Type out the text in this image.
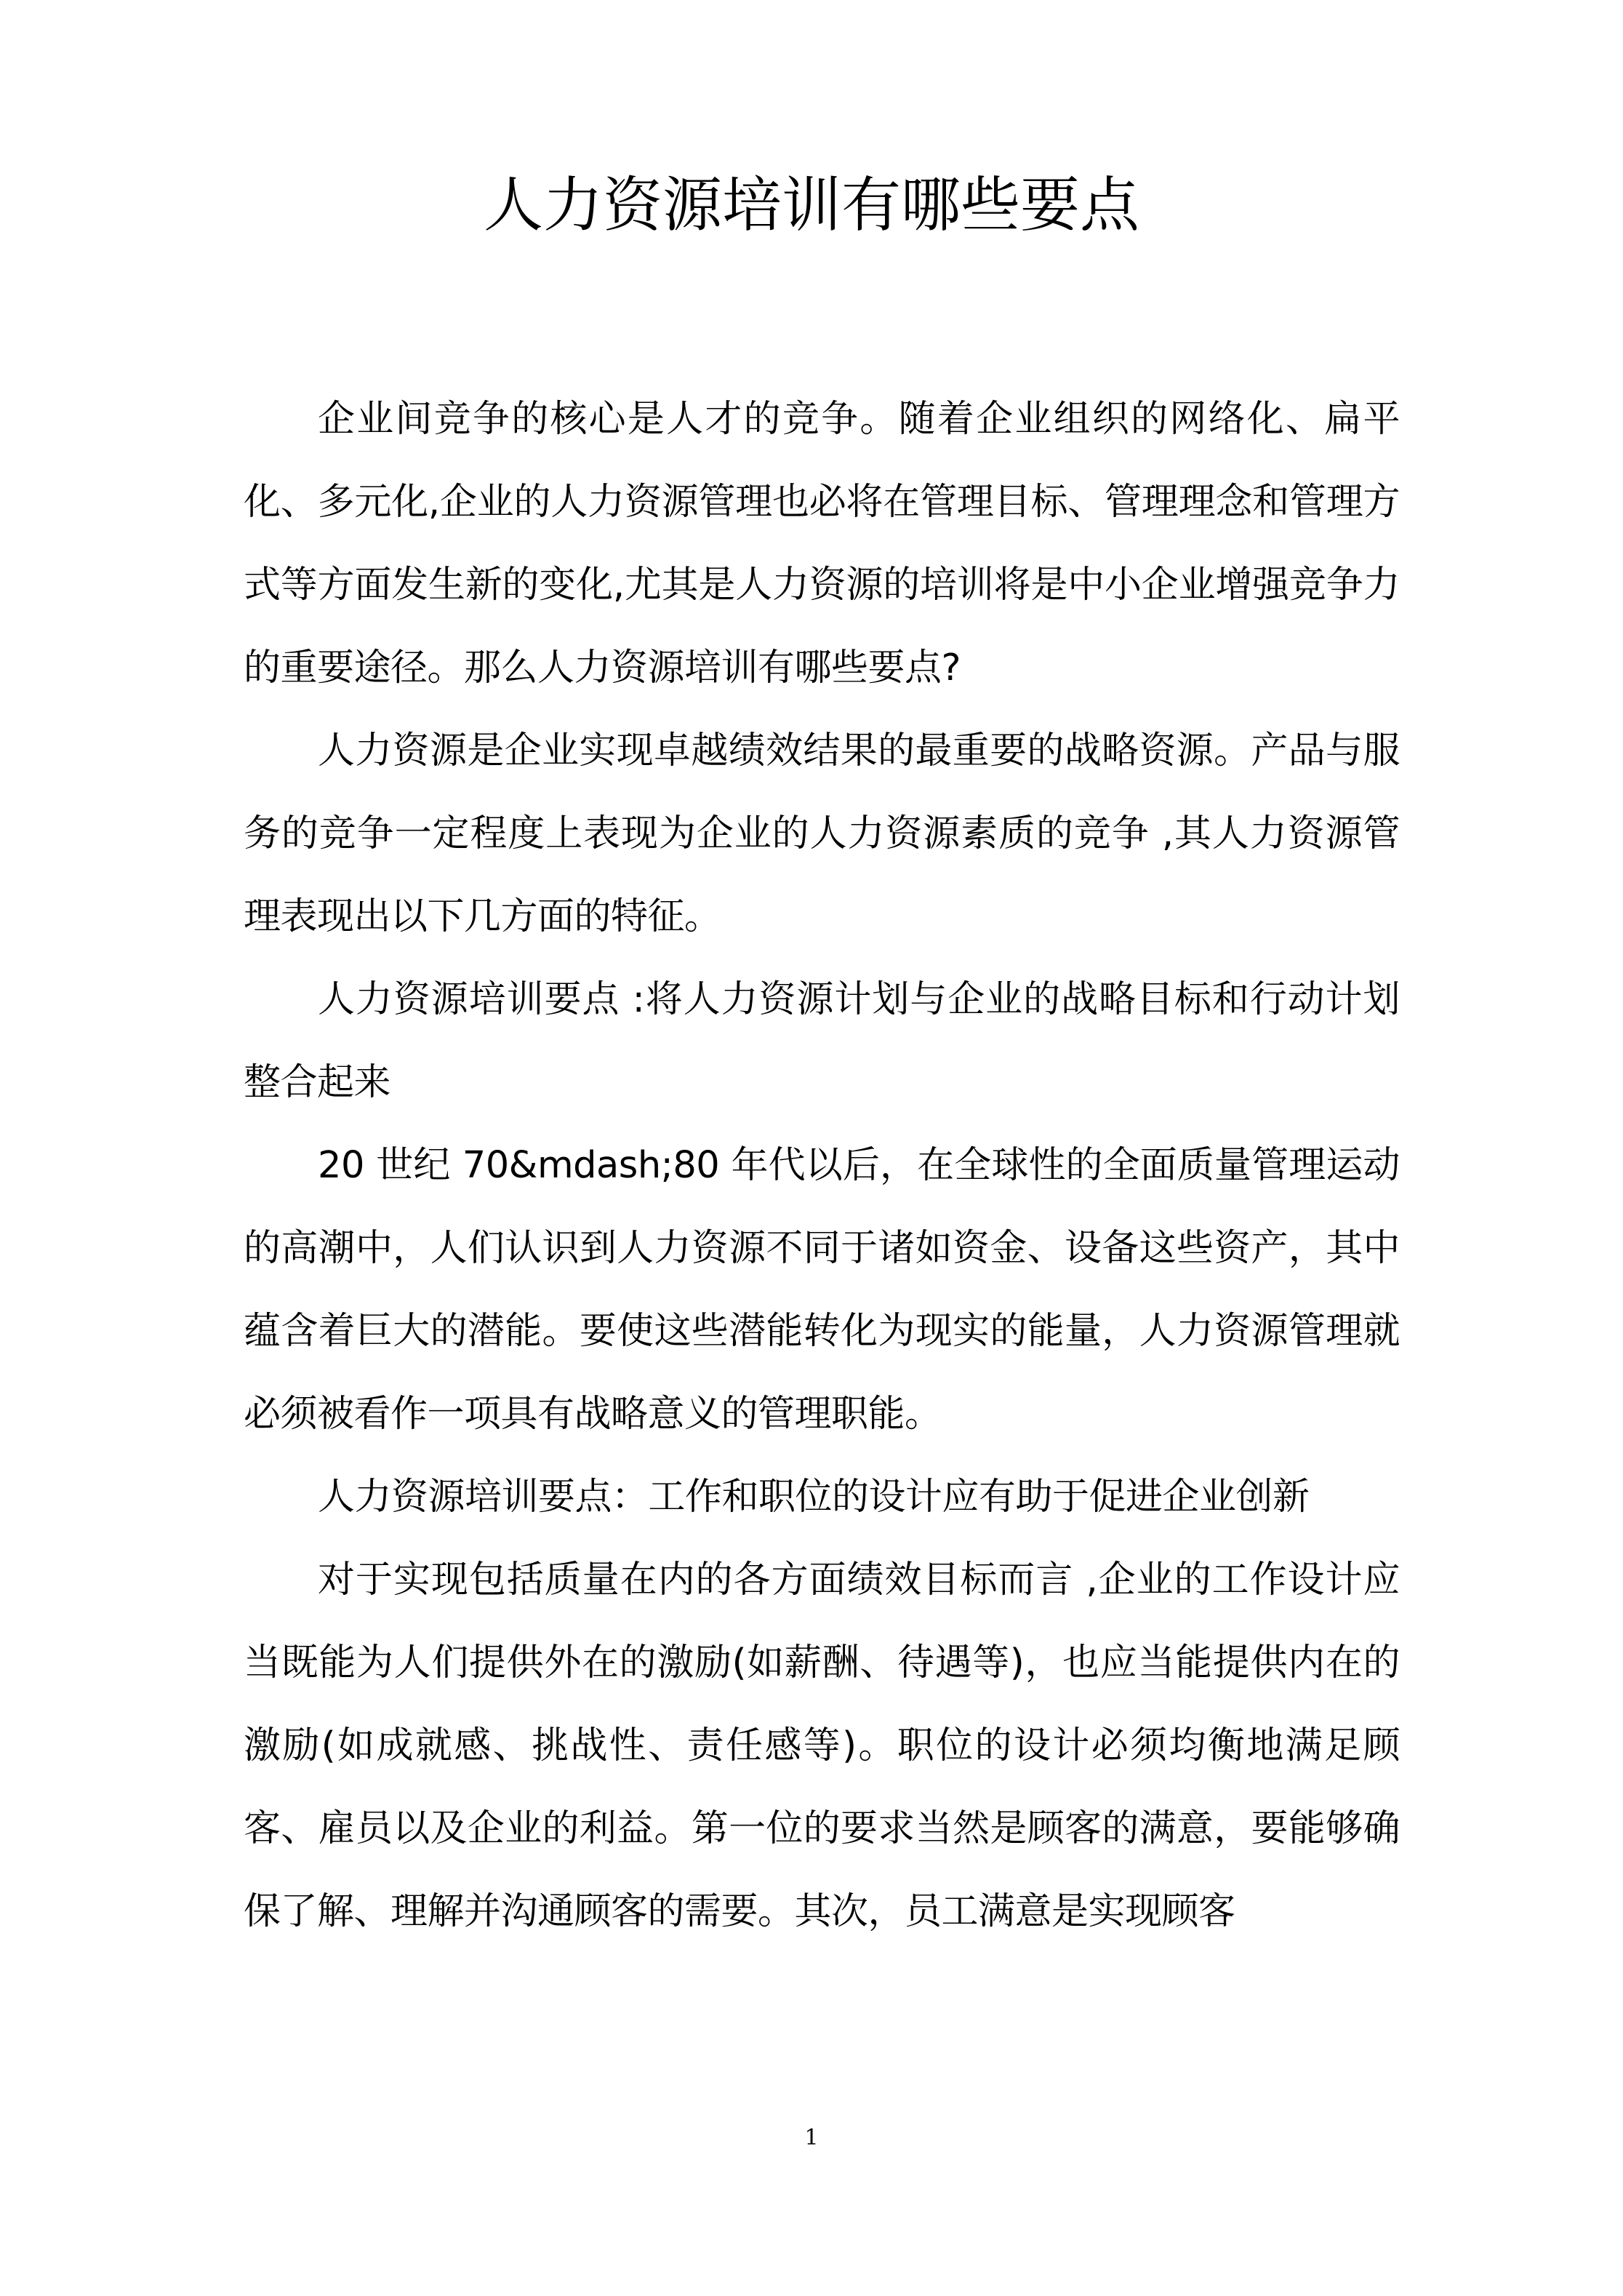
人力资源培训有哪些要点

企业间竞争的核心是人才的竞争。随着企业组织的网络化、扁平化、多元化,企业的人力资源管理也必将在管理目标、管理理念和管理方式等方面发生新的变化,尤其是人力资源的培训将是中小企业增强竞争力的重要途径。那么人力资源培训有哪些要点?

人力资源是企业实现卓越绩效结果的最重要的战略资源。产品与服务的竞争一定程度上表现为企业的人力资源素质的竞争 ,其人力资源管理表现出以下几方面的特征。

人力资源培训要点 :将人力资源计划与企业的战略目标和行动计划整合起来

20 世纪 70&mdash;80 年代以后，在全球性的全面质量管理运动的高潮中，人们认识到人力资源不同于诸如资金、设备这些资产，其中蕴含着巨大的潜能。要使这些潜能转化为现实的能量，人力资源管理就必须被看作一项具有战略意义的管理职能。

人力资源培训要点：工作和职位的设计应有助于促进企业创新

对于实现包括质量在内的各方面绩效目标而言 ,企业的工作设计应当既能为人们提供外在的激励(如薪酬、待遇等)，也应当能提供内在的激励(如成就感、挑战性、责任感等)。职位的设计必须均衡地满足顾客、雇员以及企业的利益。第一位的要求当然是顾客的满意，要能够确保了解、理解并沟通顾客的需要。其次，员工满意是实现顾客

1
